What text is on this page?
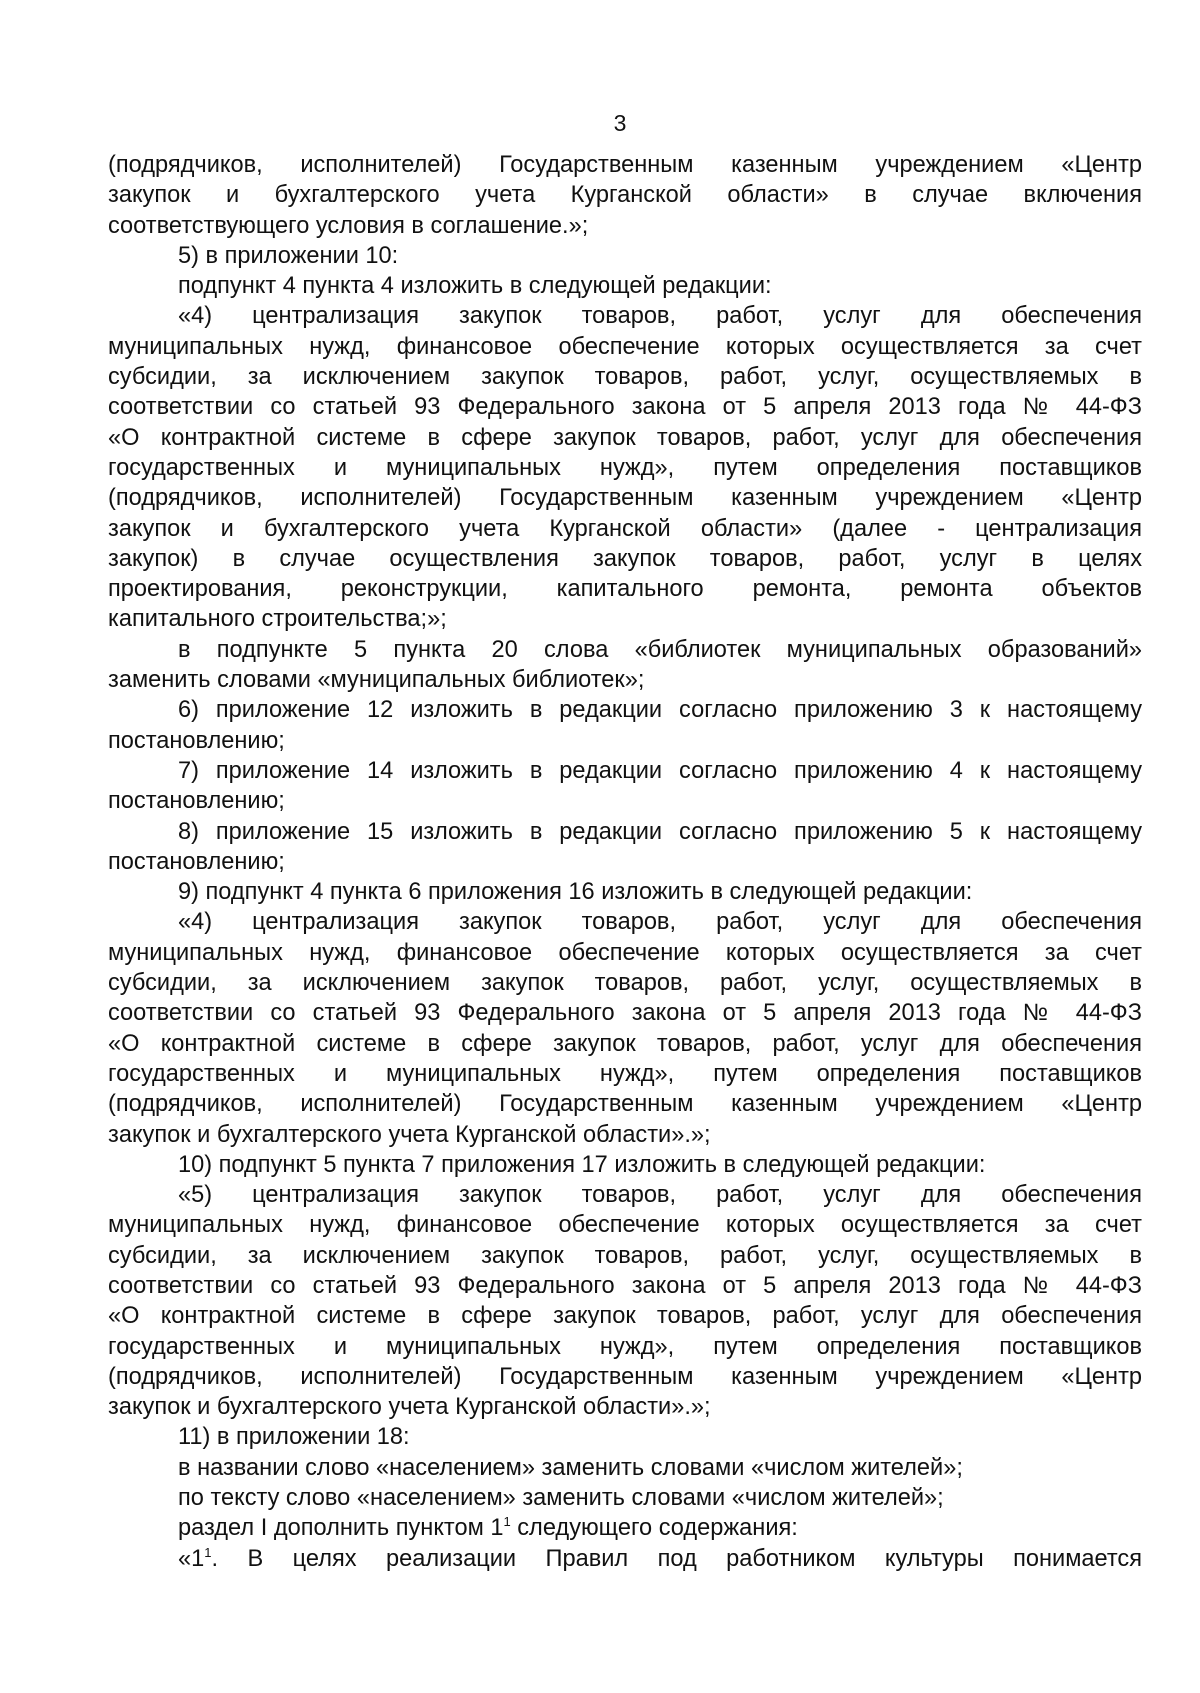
3

(подрядчиков, исполнителей) Государственным казенным учреждением «Центр

закупок и бухгалтерского учета Курганской области» в случае включения

соответствующего условия в соглашение.»;

5) в приложении 10:

подпункт 4 пункта 4 изложить в следующей редакции:

«4) централизация закупок товаров, работ, услуг для обеспечения

муниципальных нужд, финансовое обеспечение которых осуществляется за счет

субсидии, за исключением закупок товаров, работ, услуг, осуществляемых в

соответствии со статьей 93 Федерального закона от 5 апреля 2013 года № 44-ФЗ

«О контрактной системе в сфере закупок товаров, работ, услуг для обеспечения

государственных и муниципальных нужд», путем определения поставщиков

(подрядчиков, исполнителей) Государственным казенным учреждением «Центр

закупок и бухгалтерского учета Курганской области» (далее - централизация

закупок) в случае осуществления закупок товаров, работ, услуг в целях

проектирования, реконструкции, капитального ремонта, ремонта объектов

капитального строительства;»;

в подпункте 5 пункта 20 слова «библиотек муниципальных образований»

заменить словами «муниципальных библиотек»;

6) приложение 12 изложить в редакции согласно приложению 3 к настоящему

постановлению;

7) приложение 14 изложить в редакции согласно приложению 4 к настоящему

постановлению;

8) приложение 15 изложить в редакции согласно приложению 5 к настоящему

постановлению;

9) подпункт 4 пункта 6 приложения 16 изложить в следующей редакции:

«4) централизация закупок товаров, работ, услуг для обеспечения

муниципальных нужд, финансовое обеспечение которых осуществляется за счет

субсидии, за исключением закупок товаров, работ, услуг, осуществляемых в

соответствии со статьей 93 Федерального закона от 5 апреля 2013 года № 44-ФЗ

«О контрактной системе в сфере закупок товаров, работ, услуг для обеспечения

государственных и муниципальных нужд», путем определения поставщиков

(подрядчиков, исполнителей) Государственным казенным учреждением «Центр

закупок и бухгалтерского учета Курганской области».»;

10) подпункт 5 пункта 7 приложения 17 изложить в следующей редакции:

«5) централизация закупок товаров, работ, услуг для обеспечения

муниципальных нужд, финансовое обеспечение которых осуществляется за счет

субсидии, за исключением закупок товаров, работ, услуг, осуществляемых в

соответствии со статьей 93 Федерального закона от 5 апреля 2013 года № 44-ФЗ

«О контрактной системе в сфере закупок товаров, работ, услуг для обеспечения

государственных и муниципальных нужд», путем определения поставщиков

(подрядчиков, исполнителей) Государственным казенным учреждением «Центр

закупок и бухгалтерского учета Курганской области».»;

11) в приложении 18:

в названии слово «населением» заменить словами «числом жителей»;

по тексту слово «населением» заменить словами «числом жителей»;

раздел I дополнить пунктом $1^1$ следующего содержания:

«$1^1$. В целях реализации Правил под работником культуры понимается
